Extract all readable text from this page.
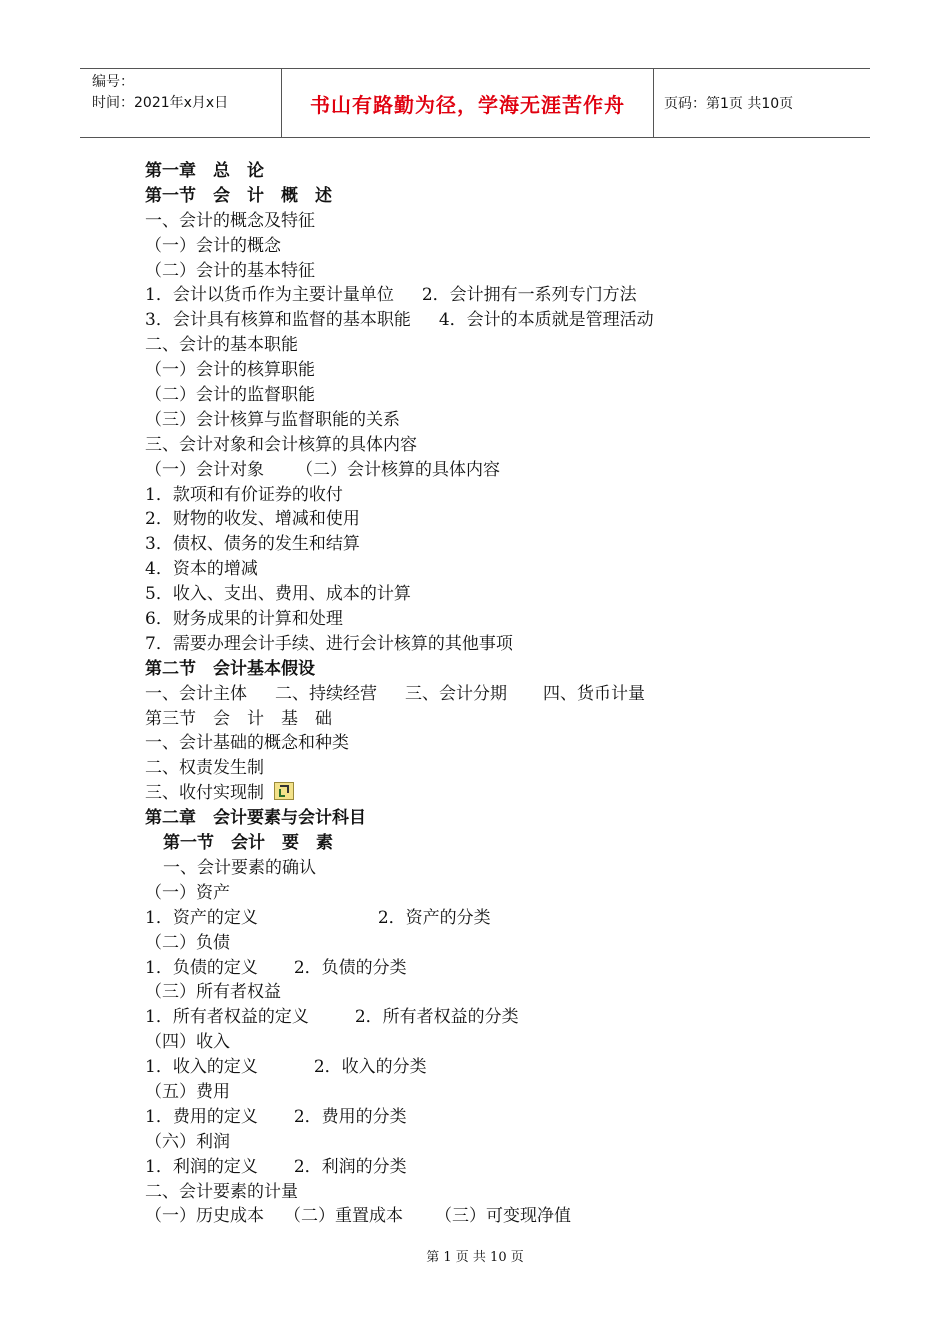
编号：
时间：2021年x月x日	书山有路勤为径，学海无涯苦作舟	页码：第1页 共10页
第一章　总　论
第一节　会　计　概　述
一、会计的概念及特征
（一）会计的概念
（二）会计的基本特征
1．会计以货币作为主要计量单位 2．会计拥有一系列专门方法
3．会计具有核算和监督的基本职能 4．会计的本质就是管理活动
二、会计的基本职能
（一）会计的核算职能
（二）会计的监督职能
（三）会计核算与监督职能的关系
三、会计对象和会计核算的具体内容
（一）会计对象 （二）会计核算的具体内容
1．款项和有价证券的收付
2．财物的收发、增减和使用
3．债权、债务的发生和结算
4．资本的增减
5．收入、支出、费用、成本的计算
6．财务成果的计算和处理
7．需要办理会计手续、进行会计核算的其他事项
第二节　会计基本假设
一、会计主体 二、持续经营 三、会计分期 四、货币计量
第三节　会　计　基　础
一、会计基础的概念和种类
二、权责发生制
三、收付实现制
第二章　会计要素与会计科目
第一节　会计　要　素
一、会计要素的确认
（一）资产
1．资产的定义	2．资产的分类
（二）负债
1．负债的定义 2．负债的分类
（三）所有者权益
1．所有者权益的定义	2．所有者权益的分类
（四）收入
1．收入的定义	2．收入的分类
（五）费用
1．费用的定义 2．费用的分类
（六）利润
1．利润的定义 2．利润的分类
二、会计要素的计量
（一）历史成本 （二）重置成本 （三）可变现净值
第 1 页 共 10 页
